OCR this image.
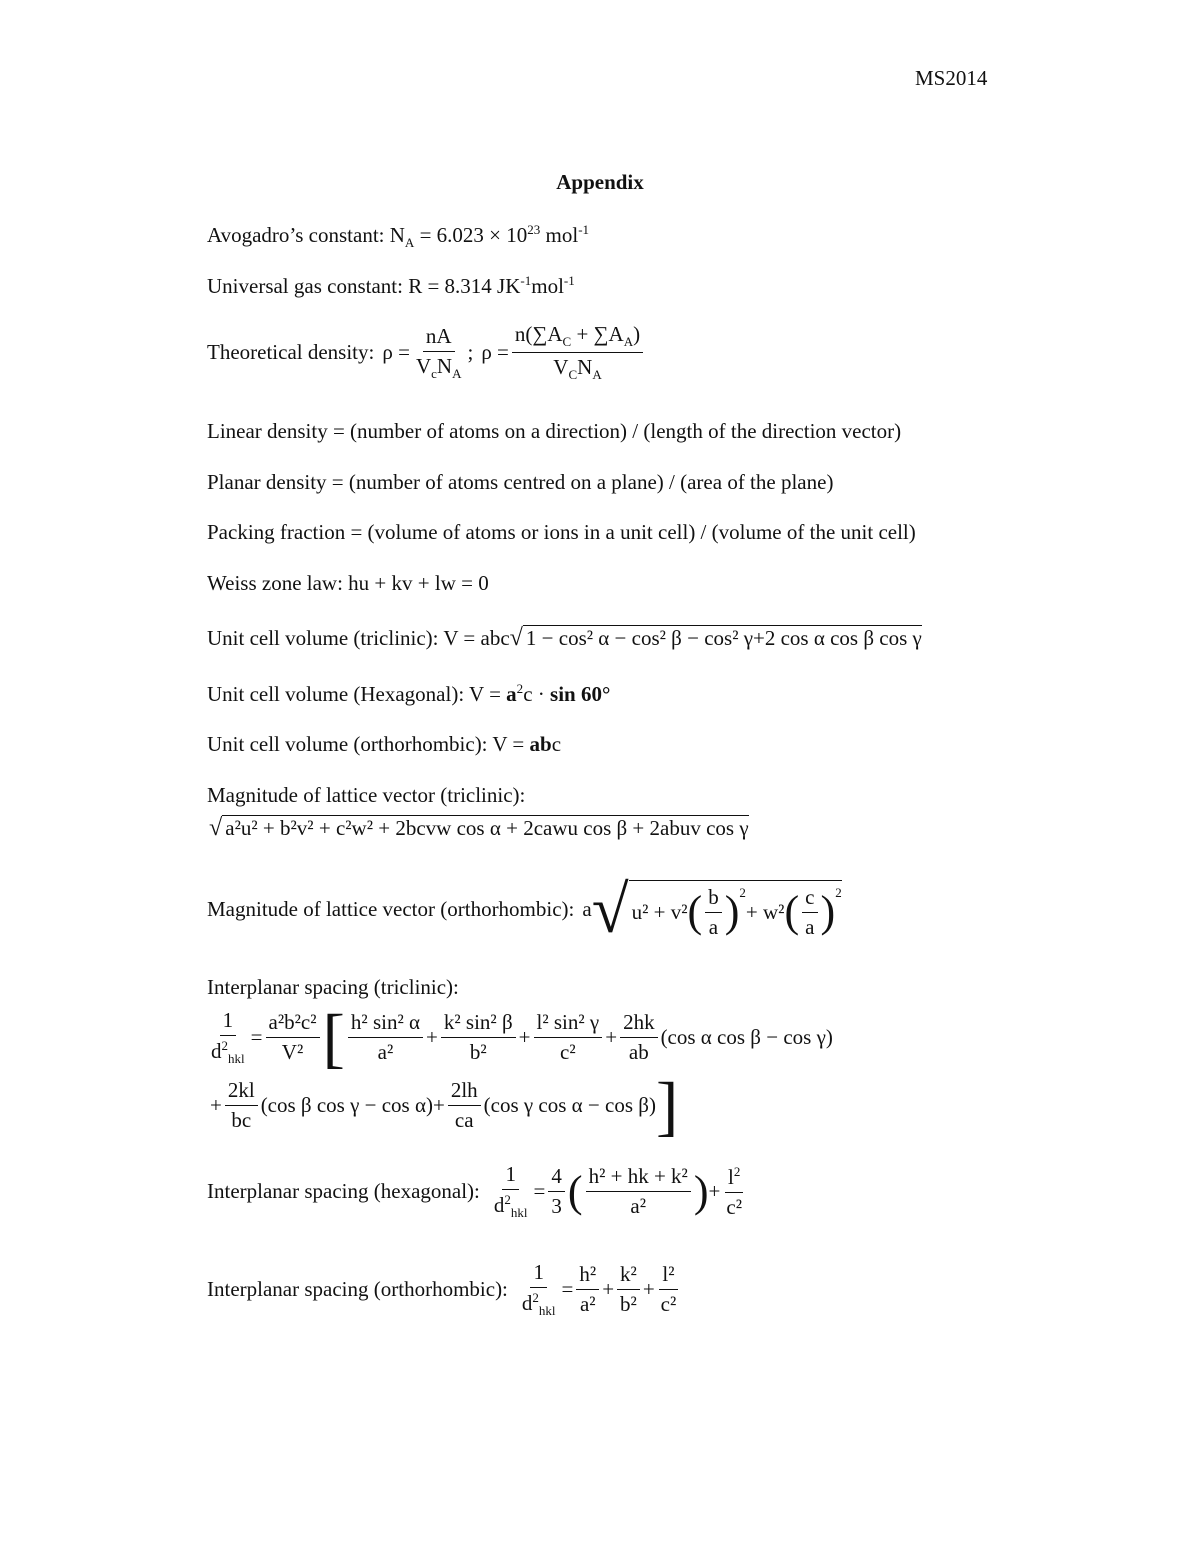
MS2014
Appendix
Avogadro’s constant: $N_A = 6.023 \times 10^{23}$ mol$^{-1}$
Universal gas constant: R = 8.314 $JK^{-1}mol^{-1}$
Theoretical density: $\rho = \frac{nA}{V_cN_A}$ ; $\rho = \frac{n(\sum A_C + \sum A_A)}{V_CN_A}$
Linear density = (number of atoms on a direction) / (length of the direction vector)
Planar density = (number of atoms centred on a plane) / (area of the plane)
Packing fraction = (volume of atoms or ions in a unit cell) / (volume of the unit cell)
Weiss zone law: hu + kv + lw = 0
Unit cell volume (triclinic): V = abc√ 1 − cos² α − cos² β − cos² γ+2 cos α cos β cos γ
Unit cell volume (Hexagonal): $V = a^2c \cdot \sin 60^\circ$
Unit cell volume (orthorhombic): V = abc
Magnitude of lattice vector (triclinic):
√ a²u² + b²v² + c²w² + 2bcvw cos α + 2cawu cos β + 2abuv cos γ
Magnitude of lattice vector (orthorhombic): a √ u² + v² ( $\frac{b}{a} )^2$
+ w² ( $\frac{c}{a} )^2$
Interplanar spacing (triclinic):
$\frac{1}{d^2_{hkl}} = \frac{\text{a²b²c²}}{\text{V²}}$ [ $\frac{\text{h² sin² α}}{\text{a²}} + \frac{\text{k² sin² β}}{\text{b²}} + \frac{\text{l² sin² γ}}{\text{c²}} + \frac{2hk}{ab} (\cos$ α cos β − cos γ)
+ $\frac{2kl}{bc} (\cos$ β $\cos \gamma - \cos \alpha) + \frac{2lh}{ca} (\cos$ γ cos α − cos β) ]
Interplanar spacing (hexagonal): $\frac{1}{d^2_{hkl}} = \frac{4}{3}$ ( $\frac{\text{h² + hk + k²}}{\text{a²}}$ ) + $\frac{l^2}{\text{c²}}$
Interplanar spacing (orthorhombic): $\frac{1}{d^2_{hkl}} = \frac{\text{h²}}{\text{a²}} + \frac{\text{k²}}{\text{b²}} + \frac{\text{l²}}{\text{c²}}$
